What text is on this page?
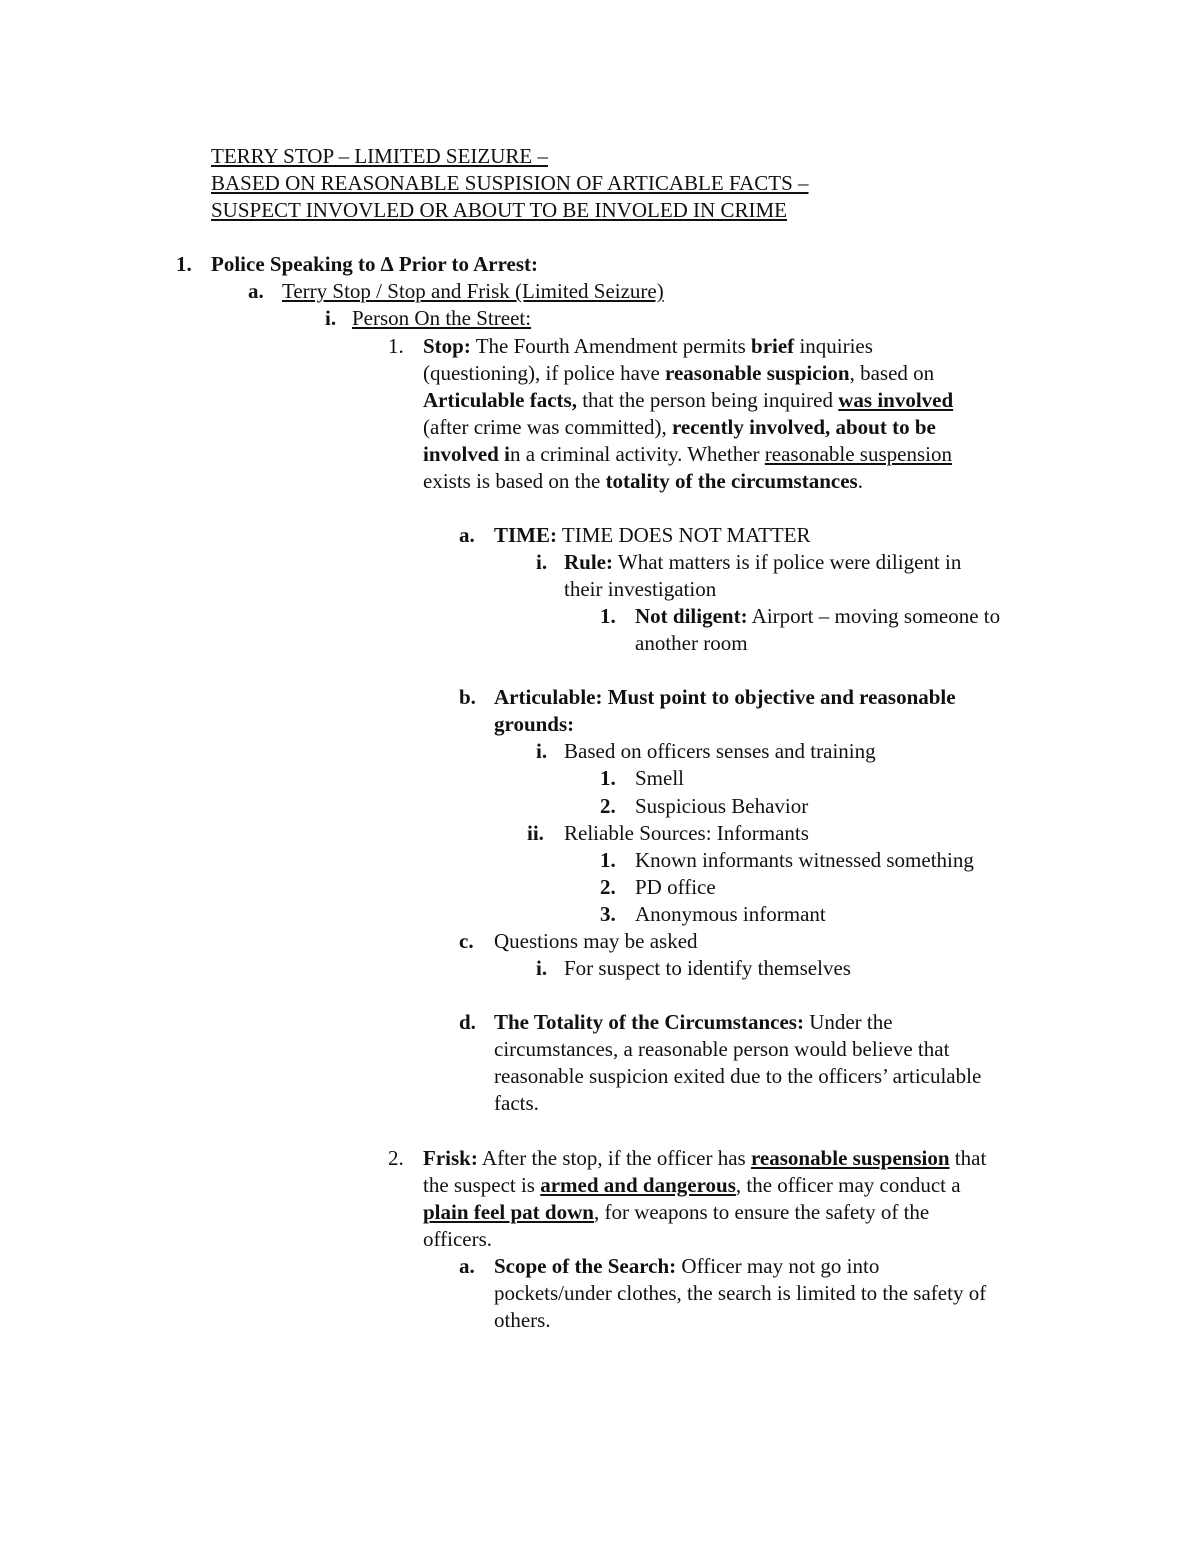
TERRY STOP – LIMITED SEIZURE –
BASED ON REASONABLE SUSPISION OF ARTICABLE FACTS –
SUSPECT INVOVLED OR ABOUT TO BE INVOLED IN CRIME
1. Police Speaking to ∆ Prior to Arrest:
a. Terry Stop / Stop and Frisk (Limited Seizure)
i. Person On the Street:
1. Stop: The Fourth Amendment permits brief inquiries
(questioning), if police have reasonable suspicion, based on
Articulable facts, that the person being inquired was involved
(after crime was committed), recently involved, about to be
involved in a criminal activity. Whether reasonable suspension
exists is based on the totality of the circumstances.
a. TIME: TIME DOES NOT MATTER
i. Rule: What matters is if police were diligent in
their investigation
1. Not diligent: Airport – moving someone to
another room
b. Articulable: Must point to objective and reasonable
grounds:
i. Based on officers senses and training
1. Smell
2. Suspicious Behavior
ii. Reliable Sources: Informants
1. Known informants witnessed something
2. PD office
3. Anonymous informant
c. Questions may be asked
i. For suspect to identify themselves
d. The Totality of the Circumstances: Under the
circumstances, a reasonable person would believe that
reasonable suspicion exited due to the officers’ articulable
facts.
2. Frisk: After the stop, if the officer has reasonable suspension that
the suspect is armed and dangerous, the officer may conduct a
plain feel pat down, for weapons to ensure the safety of the
officers.
a. Scope of the Search: Officer may not go into
pockets/under clothes, the search is limited to the safety of
others.
